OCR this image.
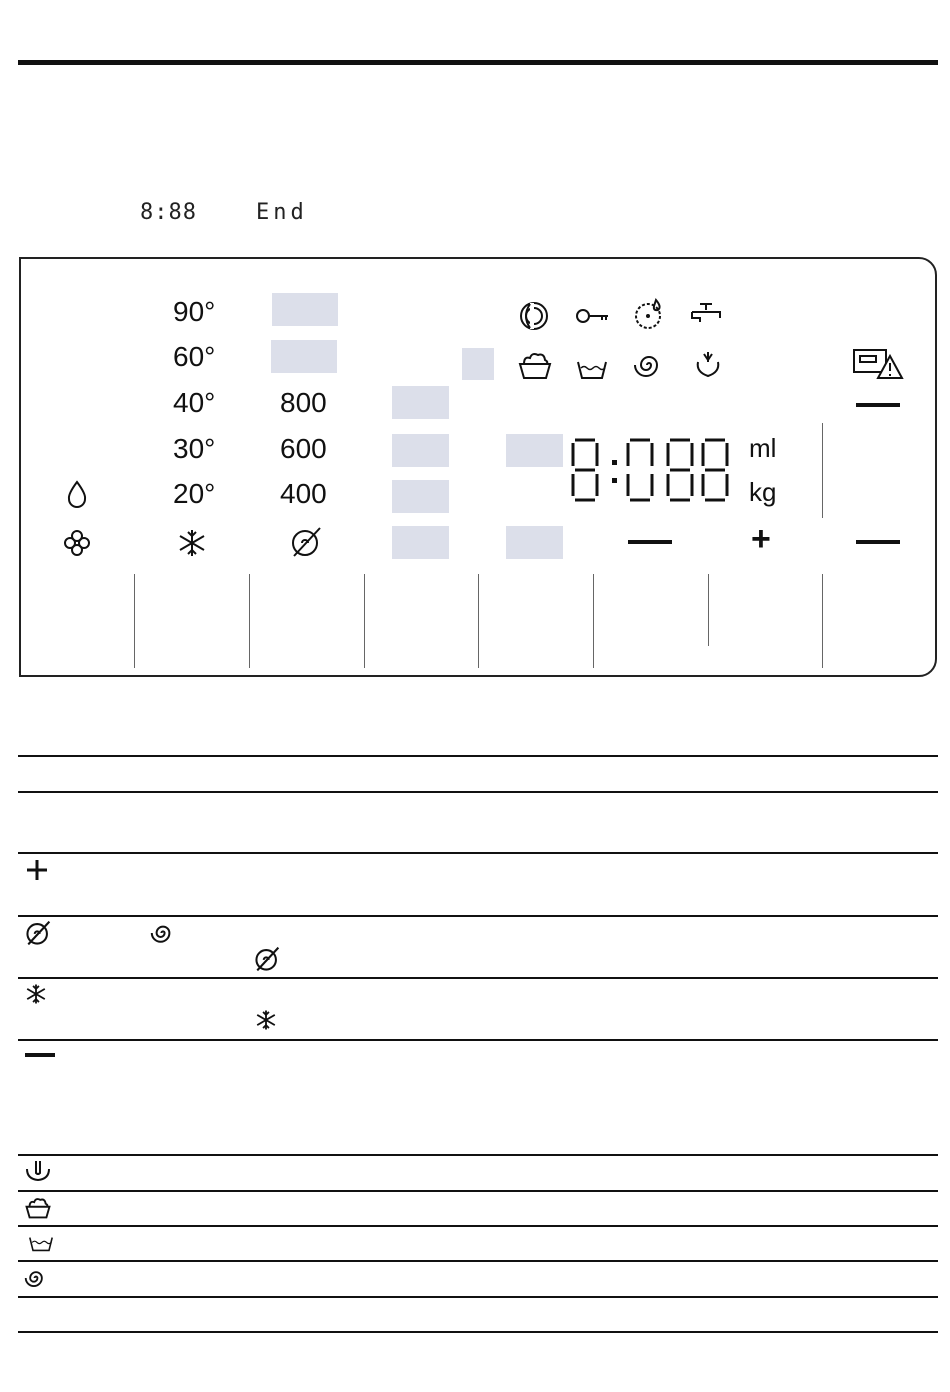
8:88	End
90°
60°
40°
30°
20°
800
600
400
ml
kg
+
